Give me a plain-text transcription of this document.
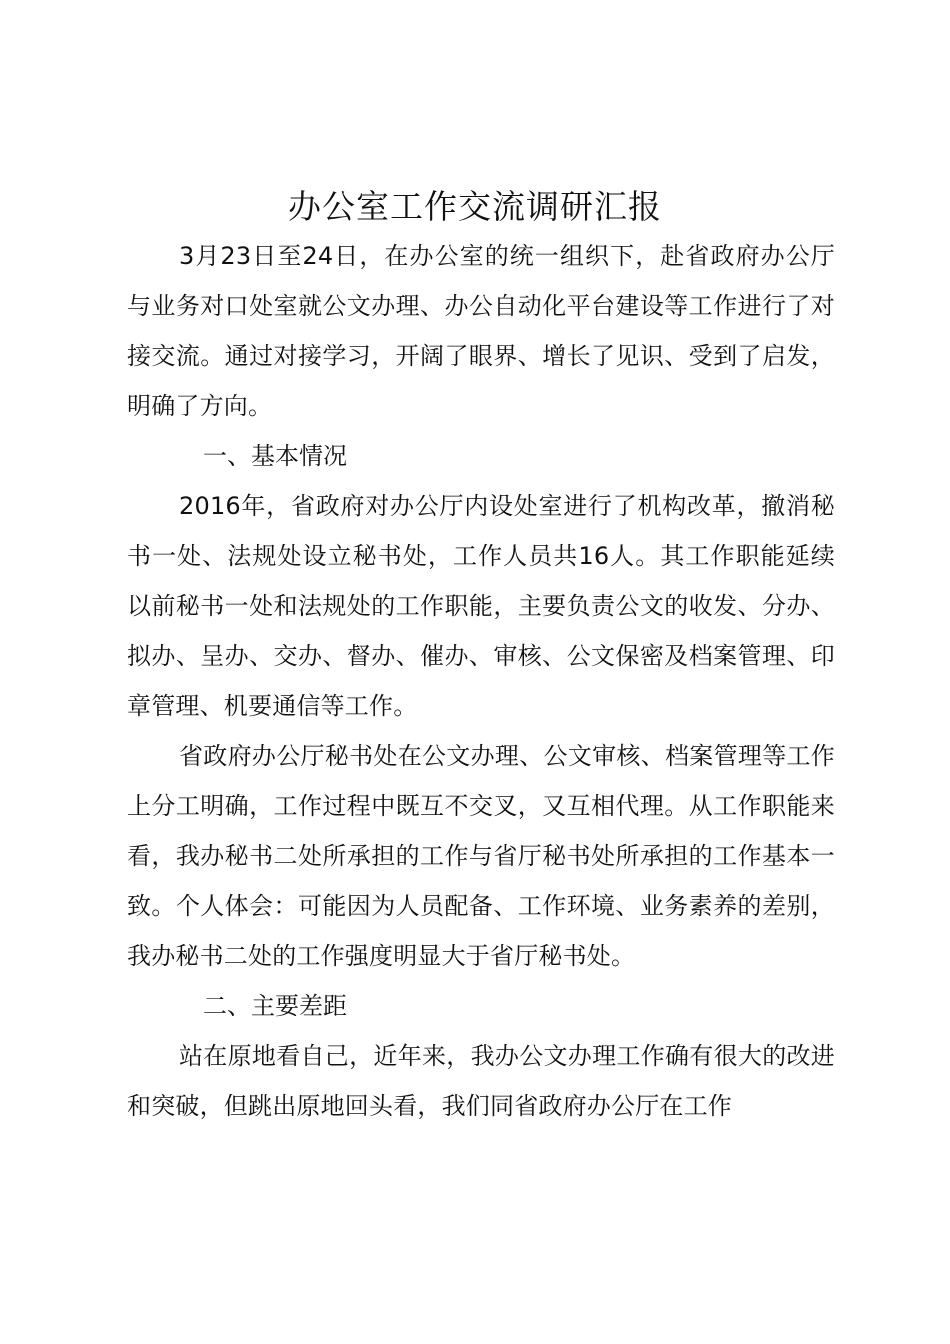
办公室工作交流调研汇报

3月23日至24日，在办公室的统一组织下，赴省政府办公厅与业务对口处室就公文办理、办公自动化平台建设等工作进行了对接交流。通过对接学习，开阔了眼界、增长了见识、受到了启发，明确了方向。

一、基本情况

2016年，省政府对办公厅内设处室进行了机构改革，撤消秘书一处、法规处设立秘书处，工作人员共16人。其工作职能延续以前秘书一处和法规处的工作职能，主要负责公文的收发、分办、拟办、呈办、交办、督办、催办、审核、公文保密及档案管理、印章管理、机要通信等工作。

省政府办公厅秘书处在公文办理、公文审核、档案管理等工作上分工明确，工作过程中既互不交叉，又互相代理。从工作职能来看，我办秘书二处所承担的工作与省厅秘书处所承担的工作基本一致。个人体会：可能因为人员配备、工作环境、业务素养的差别，我办秘书二处的工作强度明显大于省厅秘书处。

二、主要差距

站在原地看自己，近年来，我办公文办理工作确有很大的改进和突破，但跳出原地回头看，我们同省政府办公厅在工作
